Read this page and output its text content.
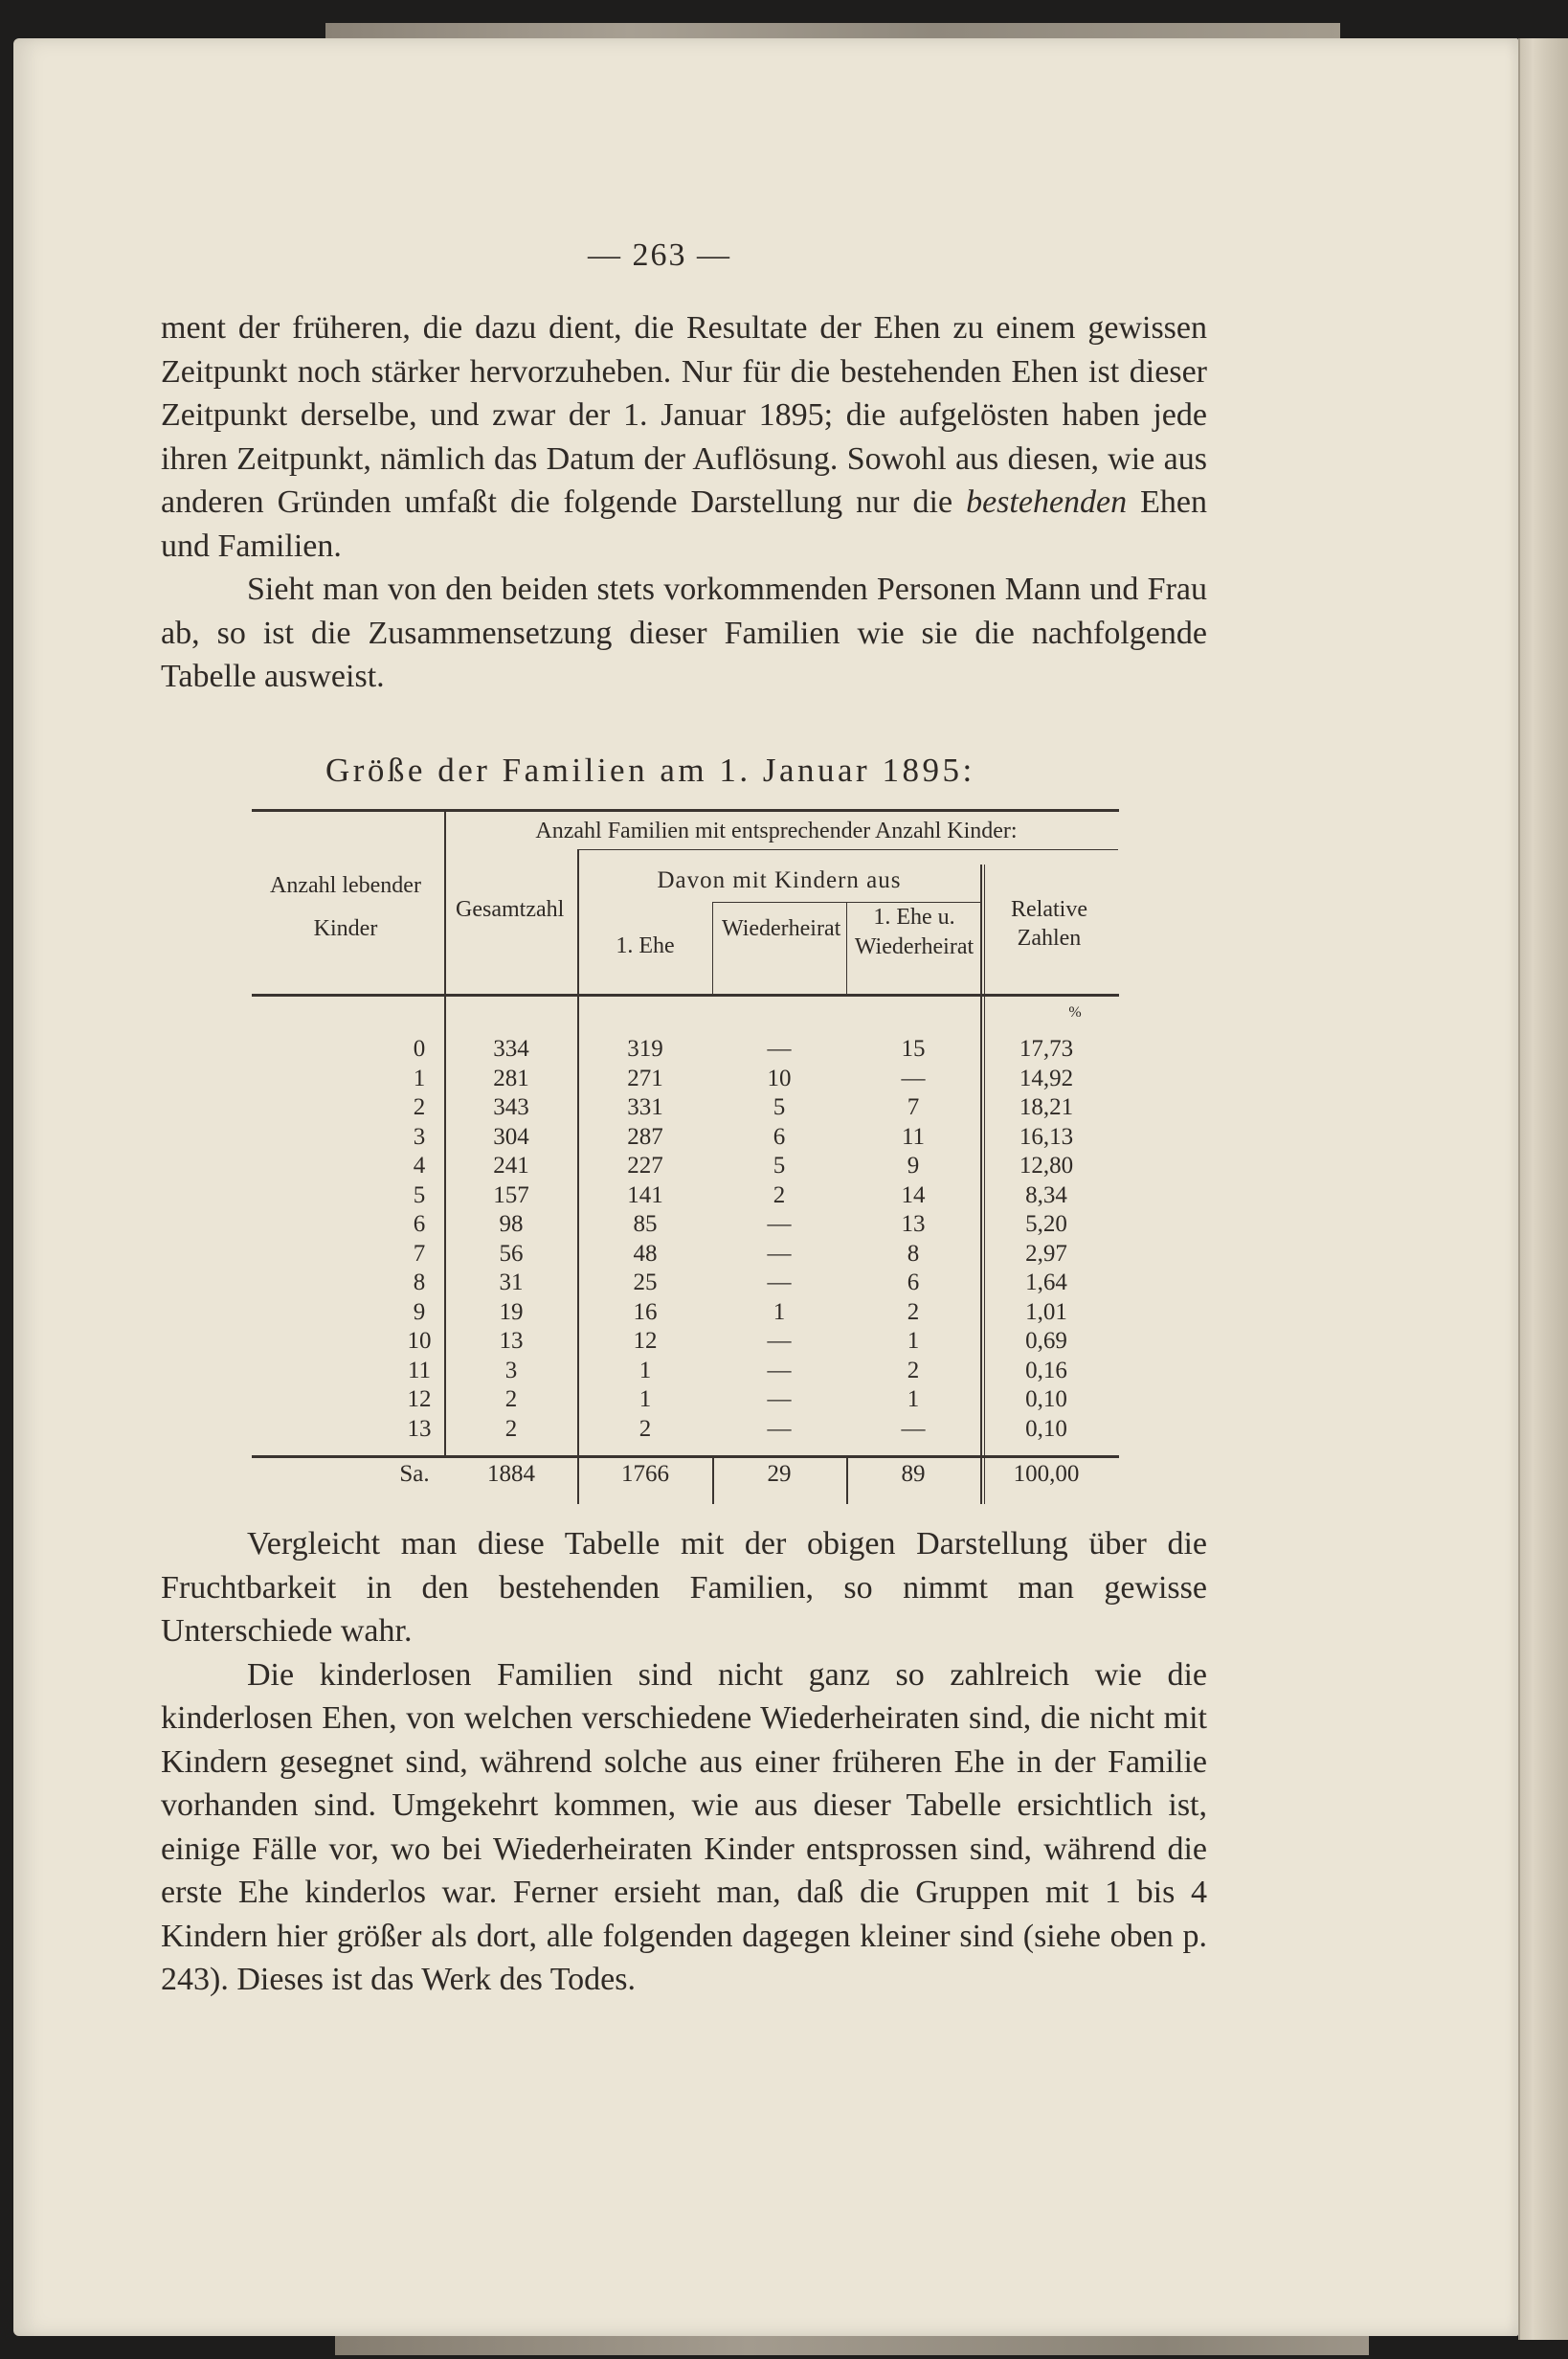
— 263 —

ment der früheren, die dazu dient, die Resultate der Ehen zu einem gewissen Zeitpunkt noch stärker hervorzuheben. Nur für die bestehenden Ehen ist dieser Zeitpunkt derselbe, und zwar der 1. Januar 1895; die aufgelösten haben jede ihren Zeitpunkt, nämlich das Datum der Auflösung. Sowohl aus diesen, wie aus anderen Gründen umfaßt die folgende Darstellung nur die bestehenden Ehen und Familien.

Sieht man von den beiden stets vorkommenden Personen Mann und Frau ab, so ist die Zusammensetzung dieser Familien wie sie die nachfolgende Tabelle ausweist.

Größe der Familien am 1. Januar 1895:
Anzahl lebender Kinder
Anzahl Familien mit entsprechender Anzahl Kinder:
Davon mit Kindern aus
Gesamtzahl
1. Ehe
Wiederheirat	1. Ehe u. Wiederheirat
Relative Zahlen
%
0	334	319	—	15	17,73
1	281	271	10	—	14,92
2	343	331	5	7	18,21
3	304	287	6	11	16,13
4	241	227	5	9	12,80
5	157	141	2	14	8,34
6	98	85	—	13	5,20
7	56	48	—	8	2,97
8	31	25	—	6	1,64
9	19	16	1	2	1,01
10	13	12	—	1	0,69
11	3	1	—	2	0,16
12	2	1	—	1	0,10
13	2	2	—	—	0,10
Sa.	1884	1766	29	89	100,00

Vergleicht man diese Tabelle mit der obigen Darstellung über die Fruchtbarkeit in den bestehenden Familien, so nimmt man gewisse Unterschiede wahr.

Die kinderlosen Familien sind nicht ganz so zahlreich wie die kinderlosen Ehen, von welchen verschiedene Wiederheiraten sind, die nicht mit Kindern gesegnet sind, während solche aus einer früheren Ehe in der Familie vorhanden sind. Umgekehrt kommen, wie aus dieser Tabelle ersichtlich ist, einige Fälle vor, wo bei Wiederheiraten Kinder entsprossen sind, während die erste Ehe kinderlos war. Ferner ersieht man, daß die Gruppen mit 1 bis 4 Kindern hier größer als dort, alle folgenden dagegen kleiner sind (siehe oben p. 243). Dieses ist das Werk des Todes.
